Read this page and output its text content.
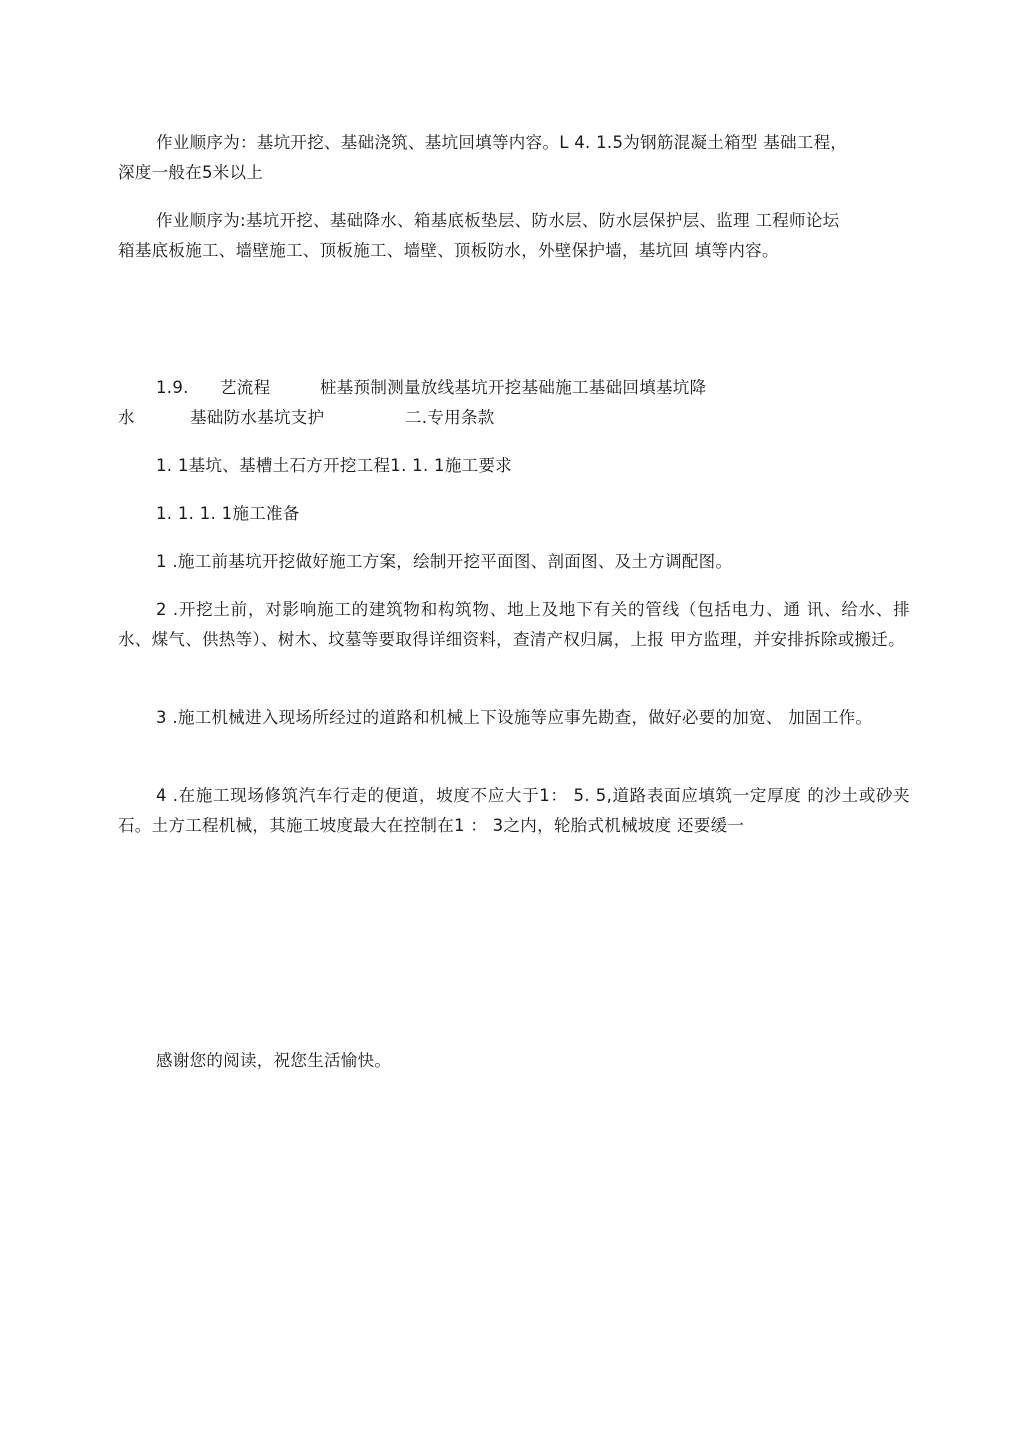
作业顺序为：基坑开挖、基础浇筑、基坑回填等内容。L 4. 1.5为钢筋混凝土箱型 基础工程，
深度一般在5米以上
作业顺序为:基坑开挖、基础降水、箱基底板垫层、防水层、防水层保护层、监理 工程师论坛
箱基底板施工、墙壁施工、顶板施工、墙壁、顶板防水，外壁保护墙，基坑回 填等内容。
1.9. 艺流程	桩基预制测量放线基坑开挖基础施工基础回填基坑降
水	基础防水基坑支护	二.专用条款
1. 1基坑、基槽土石方开挖工程1. 1. 1施工要求
1. 1. 1. 1施工准备
1 .施工前基坑开挖做好施工方案，绘制开挖平面图、剖面图、及土方调配图。
2 .开挖土前，对影响施工的建筑物和构筑物、地上及地下有关的管线（包括电力、通 讯、给水、排水、煤气、供热等）、树木、坟墓等要取得详细资料，查清产权归属，上报 甲方监理，并安排拆除或搬迁。
3 .施工机械进入现场所经过的道路和机械上下设施等应事先勘查，做好必要的加宽、 加固工作。
4 .在施工现场修筑汽车行走的便道，坡度不应大于1： 5. 5,道路表面应填筑一定厚度 的沙土或砂夹石。土方工程机械，其施工坡度最大在控制在1 ： 3之内，轮胎式机械坡度 还要缓一
感谢您的阅读，祝您生活愉快。
